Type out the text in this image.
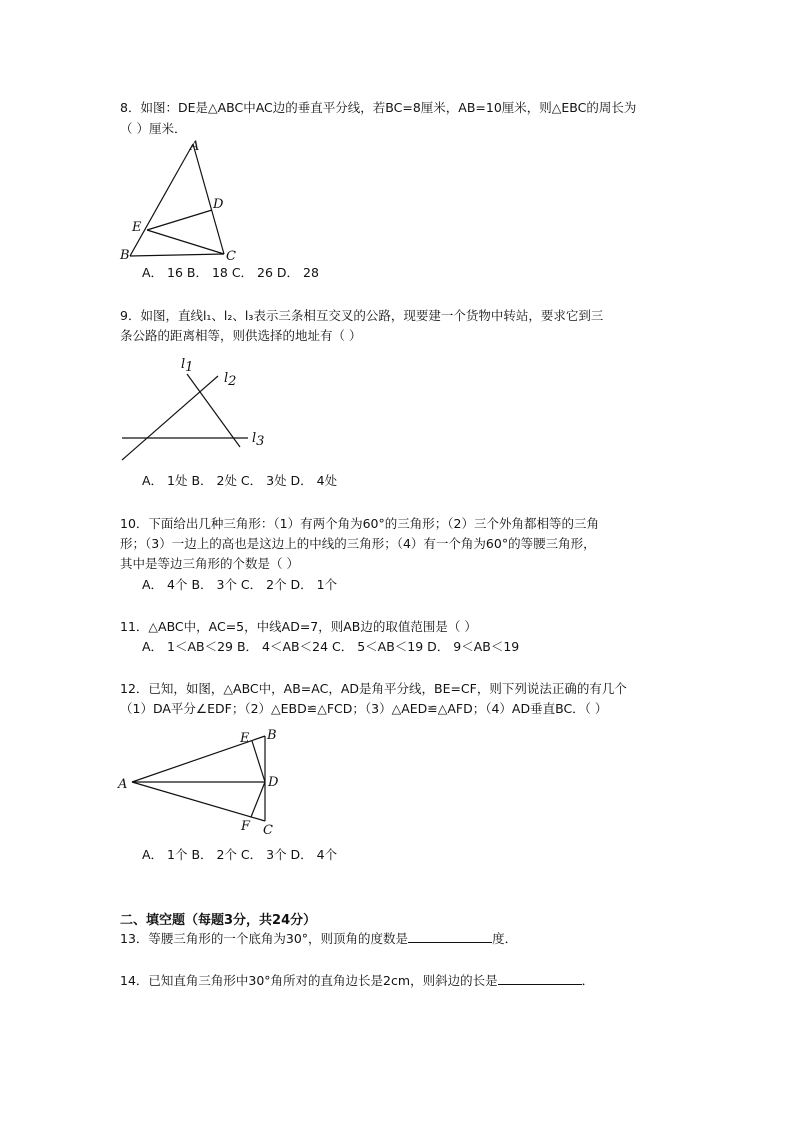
8．如图：DE是△ABC中AC边的垂直平分线，若BC=8厘米，AB=10厘米，则△EBC的周长为
（ ）厘米．
A
B	C
D
E
A． 16 B． 18 C． 26 D． 28
9．如图，直线l₁、l₂、l₃表示三条相互交叉的公路，现要建一个货物中转站，要求它到三
条公路的距离相等，则供选择的地址有（ ）
l1
l2
l3
A． 1处 B． 2处 C． 3处 D． 4处
10．下面给出几种三角形：（1）有两个角为60°的三角形；（2）三个外角都相等的三角
形；（3）一边上的高也是这边上的中线的三角形；（4）有一个角为60°的等腰三角形，
其中是等边三角形的个数是（ ）
A． 4个 B． 3个 C． 2个 D． 1个
11．△ABC中，AC=5，中线AD=7，则AB边的取值范围是（ ）
A． 1＜AB＜29 B． 4＜AB＜24 C． 5＜AB＜19 D． 9＜AB＜19
12．已知，如图，△ABC中，AB=AC，AD是角平分线，BE=CF，则下列说法正确的有几个
（1）DA平分∠EDF；（2）△EBD≌△FCD；（3）△AED≌△AFD；（4）AD垂直BC．（ ）
A
B
C
D
E
F
A． 1个 B． 2个 C． 3个 D． 4个
二、填空题（每题3分，共24分）
13．等腰三角形的一个底角为30°，则顶角的度数是	度．
14．已知直角三角形中30°角所对的直角边长是2cm，则斜边的长是	．
